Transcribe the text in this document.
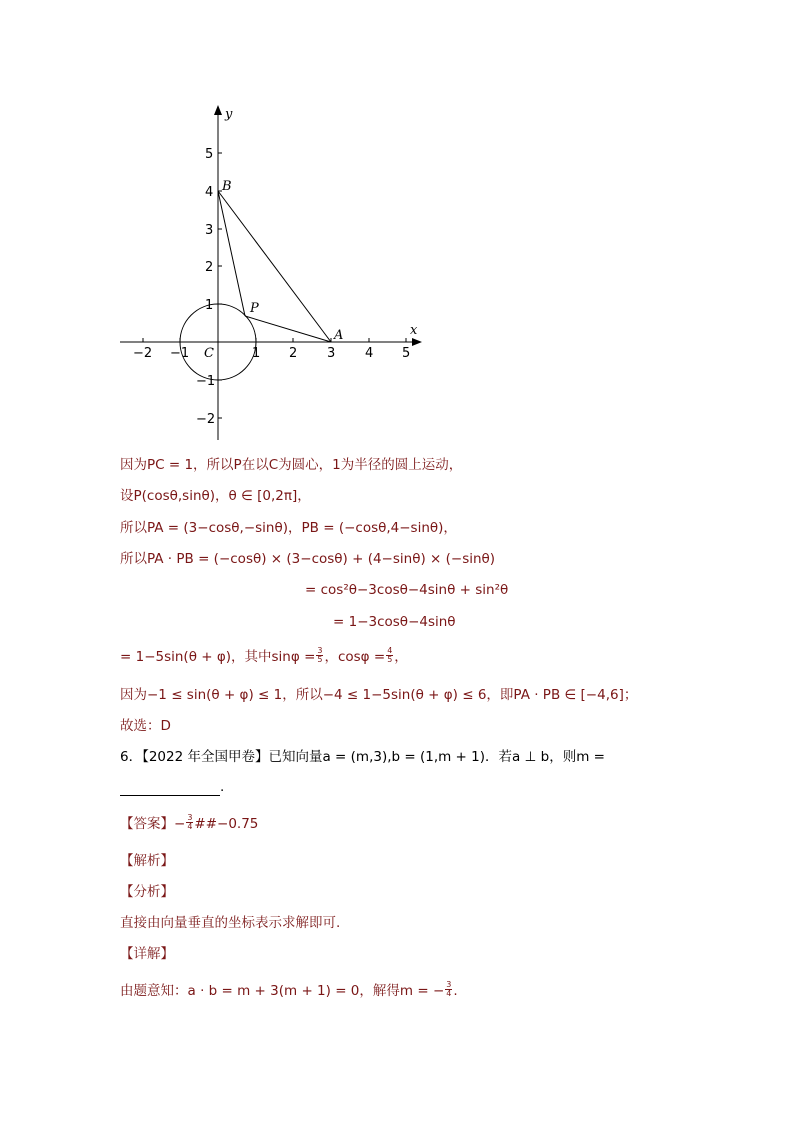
x
y
−2 −1	1 2 3 4 5
5
4
3
2
1
−1
−2
B
P
A
C
因为PC = 1，所以P在以C为圆心，1为半径的圆上运动，
设P(cosθ,sinθ)，θ ∈ [0,2π]，
所以PA = (3−cosθ,−sinθ)，PB = (−cosθ,4−sinθ)，
所以PA · PB = (−cosθ) × (3−cosθ) + (4−sinθ) × (−sinθ)
= cos²θ−3cosθ−4sinθ + sin²θ
= 1−3cosθ−4sinθ
= 1−5sin(θ + φ)，其中$\sin\varphi = \frac{3}{5}$ ，$\cos\varphi = \frac{4}{5}$ ，
因为−1 ≤ sin(θ + φ) ≤ 1，所以−4 ≤ 1−5sin(θ + φ) ≤ 6，即PA · PB ∈ [−4,6]；
故选：D
6．【2022 年全国甲卷】已知向量a = (m,3),b = (1,m + 1)．若a ⊥ b，则m =
.
【答案】− $\frac{3}{4}$ ##−0.75
【解析】
【分析】
直接由向量垂直的坐标表示求解即可.
【详解】
由题意知：a · b = m + 3(m + 1) = 0，解得m = − $\frac{3}{4}$ .
